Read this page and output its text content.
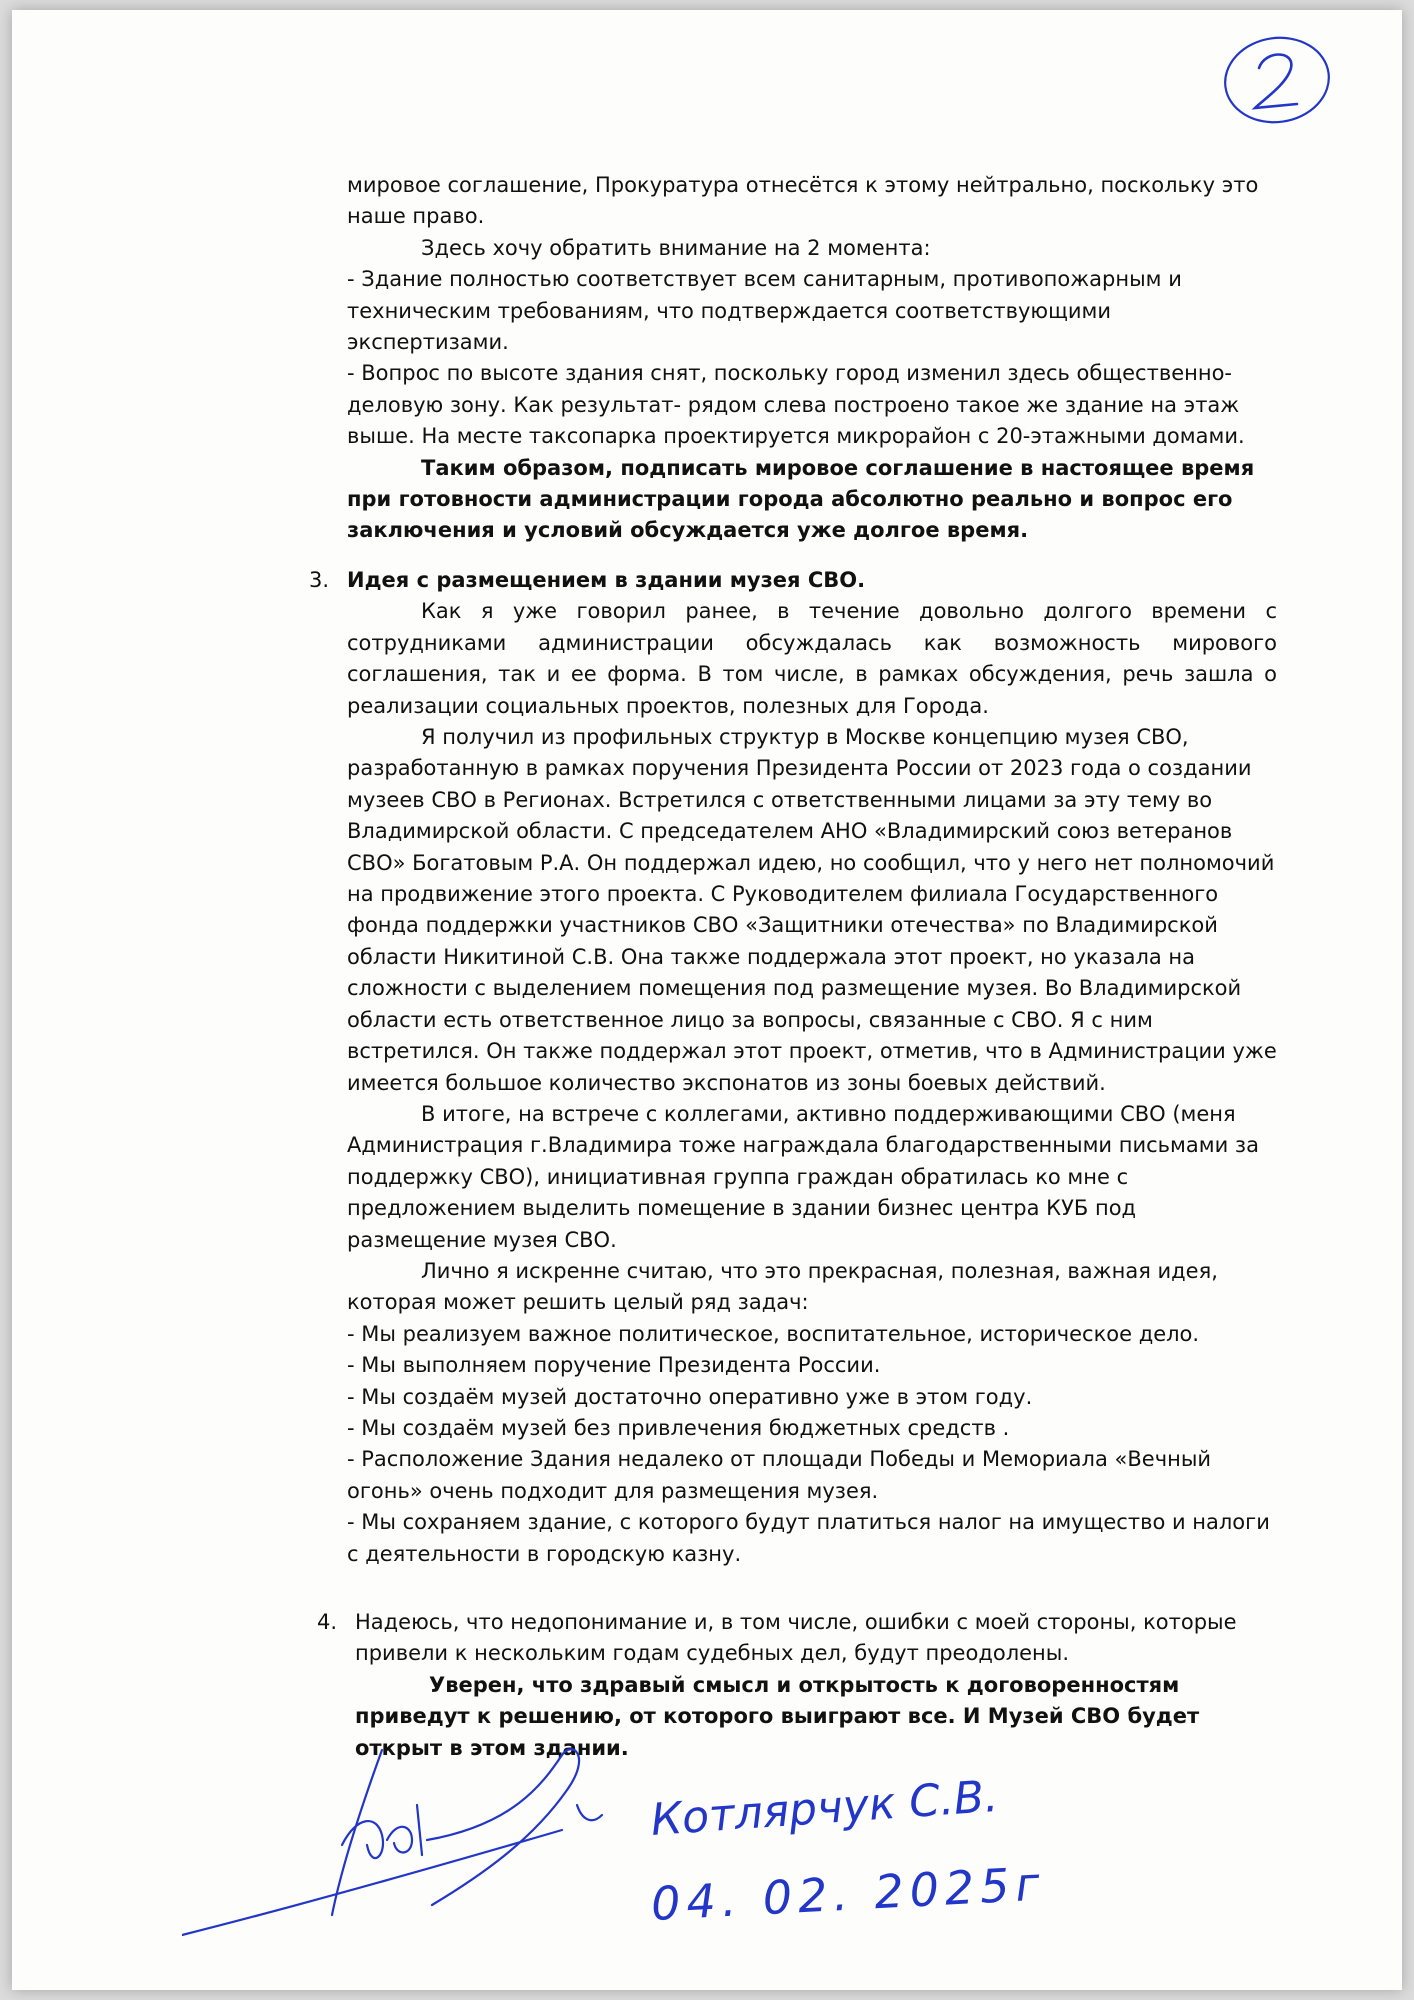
мировое соглашение, Прокуратура отнесётся к этому нейтрально, поскольку это

наше право.

Здесь хочу обратить внимание на 2 момента:

- Здание полностью соответствует всем санитарным, противопожарным и техническим требованиям, что подтверждается соответствующими экспертизами.

- Вопрос по высоте здания снят, поскольку город изменил здесь общественно-деловую зону. Как результат- рядом слева построено такое же здание на этаж выше. На месте таксопарка проектируется микрорайон с 20-этажными домами.

Таким образом, подписать мировое соглашение в настоящее время при готовности администрации города абсолютно реально и вопрос его заключения и условий обсуждается уже долгое время.

3. Идея с размещением в здании музея СВО.

Как я уже говорил ранее, в течение довольно долгого времени с сотрудниками администрации обсуждалась как возможность мирового соглашения, так и ее форма. В том числе, в рамках обсуждения, речь зашла о реализации социальных проектов, полезных для Города.

Я получил из профильных структур в Москве концепцию музея СВО, разработанную в рамках поручения Президента России от 2023 года о создании музеев СВО в Регионах. Встретился с ответственными лицами за эту тему во Владимирской области. С председателем АНО «Владимирский союз ветеранов СВО» Богатовым Р.А. Он поддержал идею, но сообщил, что у него нет полномочий на продвижение этого проекта. С Руководителем филиала Государственного фонда поддержки участников СВО «Защитники отечества» по Владимирской области Никитиной С.В. Она также поддержала этот проект, но указала на сложности с выделением помещения под размещение музея. Во Владимирской области есть ответственное лицо за вопросы, связанные с СВО. Я с ним встретился. Он также поддержал этот проект, отметив, что в Администрации уже имеется большое количество экспонатов из зоны боевых действий.

В итоге, на встрече с коллегами, активно поддерживающими СВО (меня Администрация г.Владимира тоже награждала благодарственными письмами за поддержку СВО), инициативная группа граждан обратилась ко мне с предложением выделить помещение в здании бизнес центра КУБ под размещение музея СВО.

Лично я искренне считаю, что это прекрасная, полезная, важная идея, которая может решить целый ряд задач:

- Мы реализуем важное политическое, воспитательное, историческое дело.

- Мы выполняем поручение Президента России.

- Мы создаём музей достаточно оперативно уже в этом году.

- Мы создаём музей без привлечения бюджетных средств .

- Расположение Здания недалеко от площади Победы и Мемориала «Вечный огонь» очень подходит для размещения музея.

- Мы сохраняем здание, с которого будут платиться налог на имущество и налоги с деятельности в городскую казну.

4. Надеюсь, что недопонимание и, в том числе, ошибки с моей стороны, которые привели к нескольким годам судебных дел, будут преодолены.

Уверен, что здравый смысл и открытость к договоренностям приведут к решению, от которого выиграют все. И Музей СВО будет открыт в этом здании.

Котлярчук С.В.
04. 02. 2025г
